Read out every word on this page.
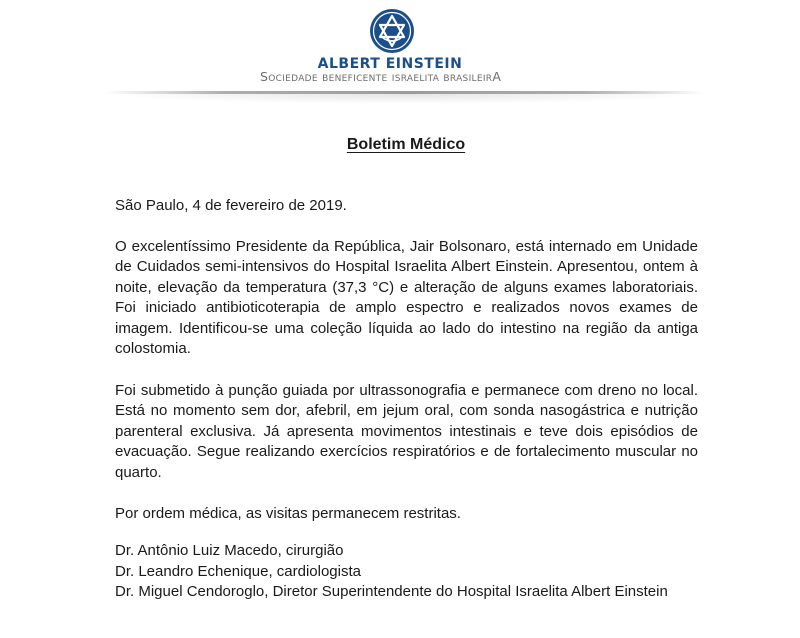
ALBERT EINSTEIN
Sociedade beneficente israelita brasileirA
Boletim Médico

São Paulo, 4 de fevereiro de 2019.

O excelentíssimo Presidente da República, Jair Bolsonaro, está internado em Unidade de Cuidados semi-intensivos do Hospital Israelita Albert Einstein. Apresentou, ontem à noite, elevação da temperatura (37,3 °C) e alteração de alguns exames laboratoriais. Foi iniciado antibioticoterapia de amplo espectro e realizados novos exames de imagem. Identificou-se uma coleção líquida ao lado do intestino na região da antiga colostomia.

Foi submetido à punção guiada por ultrassonografia e permanece com dreno no local. Está no momento sem dor, afebril, em jejum oral, com sonda nasogástrica e nutrição parenteral exclusiva. Já apresenta movimentos intestinais e teve dois episódios de evacuação. Segue realizando exercícios respiratórios e de fortalecimento muscular no quarto.

Por ordem médica, as visitas permanecem restritas.

Dr. Antônio Luiz Macedo, cirurgião
Dr. Leandro Echenique, cardiologista
Dr. Miguel Cendoroglo, Diretor Superintendente do Hospital Israelita Albert Einstein
